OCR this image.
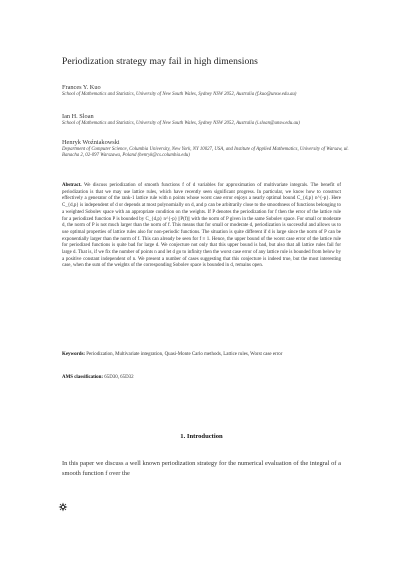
Periodization strategy may fail in high dimensions
Frances Y. Kuo
School of Mathematics and Statistics, University of New South Wales, Sydney NSW 2052, Australia (f.kuo@unsw.edu.au)
Ian H. Sloan
School of Mathematics and Statistics, University of New South Wales, Sydney NSW 2052, Australia (i.sloan@unsw.edu.au)
Henryk Woźniakowski
Department of Computer Science, Columbia University, New York, NY 10027, USA, and Institute of Applied Mathematics, University of Warsaw, ul. Banacha 2, 02-097 Warszawa, Poland (henryk@cs.columbia.edu)
Abstract. We discuss periodization of smooth functions f of d variables for approximation of multivariate integrals. The benefit of periodization is that we may use lattice rules, which have recently seen significant progress. In particular, we know how to construct effectively a generator of the rank-1 lattice rule with n points whose worst case error enjoys a nearly optimal bound C_{d,p} n^{-p}. Here C_{d,p} is independent of d or depends at most polynomially on d, and p can be arbitrarily close to the smoothness of functions belonging to a weighted Sobolev space with an appropriate condition on the weights. If P denotes the periodization for f then the error of the lattice rule for a periodized function P is bounded by C_{d,p} n^{-p} ||P(f)|| with the norm of P given in the same Sobolev space. For small or moderate d, the norm of P is not much larger than the norm of f. This means that for small or moderate d, periodization is successful and allows us to use optimal properties of lattice rules also for non-periodic functions. The situation is quite different if d is large since the norm of P can be exponentially larger than the norm of f. This can already be seen for f ≡ 1. Hence, the upper bound of the worst case error of the lattice rule for periodized functions is quite bad for large d. We conjecture not only that this upper bound is bad, but also that all lattice rules fail for large d. That is, if we fix the number of points n and let d go to infinity then the worst case error of any lattice rule is bounded from below by a positive constant independent of n. We present a number of cases suggesting that this conjecture is indeed true, but the most interesting case, when the sum of the weights of the corresponding Sobolev space is bounded in d, remains open.
Keywords: Periodization, Multivariate integration, Quasi-Monte Carlo methods, Lattice rules, Worst case error
AMS classification: 65D30, 65D32
1. Introduction
In this paper we discuss a well known periodization strategy for the numerical evaluation of the integral of a smooth function f over the
